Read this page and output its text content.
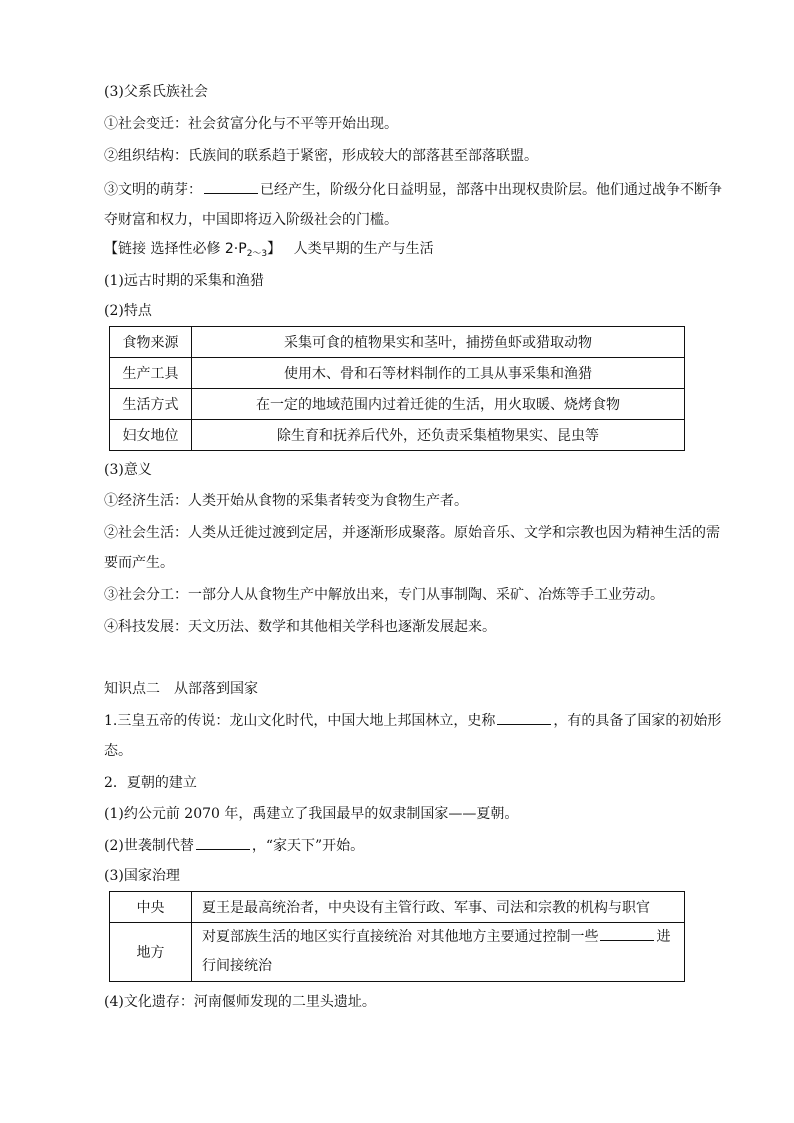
(3)父系氏族社会
①社会变迁：社会贫富分化与不平等开始出现。
②组织结构：氏族间的联系趋于紧密，形成较大的部落甚至部落联盟。
③文明的萌芽：	已经产生，阶级分化日益明显，部落中出现权贵阶层。他们通过战争不断争
夺财富和权力，中国即将迈入阶级社会的门槛。
【链接 选择性必修 $2\cdot P_{2\sim 3}$】 人类早期的生产与生活
(1)远古时期的采集和渔猎
(2)特点
食物来源	采集可食的植物果实和茎叶，捕捞鱼虾或猎取动物
生产工具	使用木、骨和石等材料制作的工具从事采集和渔猎
生活方式	在一定的地域范围内过着迁徙的生活，用火取暖、烧烤食物
妇女地位	除生育和抚养后代外，还负责采集植物果实、昆虫等
(3)意义
①经济生活：人类开始从食物的采集者转变为食物生产者。
②社会生活：人类从迁徙过渡到定居，并逐渐形成聚落。原始音乐、文学和宗教也因为精神生活的需
要而产生。
③社会分工：一部分人从食物生产中解放出来，专门从事制陶、采矿、冶炼等手工业劳动。
④科技发展：天文历法、数学和其他相关学科也逐渐发展起来。
知识点二　从部落到国家
1.三皇五帝的传说：龙山文化时代，中国大地上邦国林立，史称	，有的具备了国家的初始形
态。
2．夏朝的建立
(1)约公元前 2070 年，禹建立了我国最早的奴隶制国家——夏朝。
(2)世袭制代替	，“家天下”开始。
(3)国家治理
中央	夏王是最高统治者，中央设有主管行政、军事、司法和宗教的机构与职官
地方	对夏部族生活的地区实行直接统治 对其他地方主要通过控制一些 进
行间接统治
(4)文化遗存：河南偃师发现的二里头遗址。
